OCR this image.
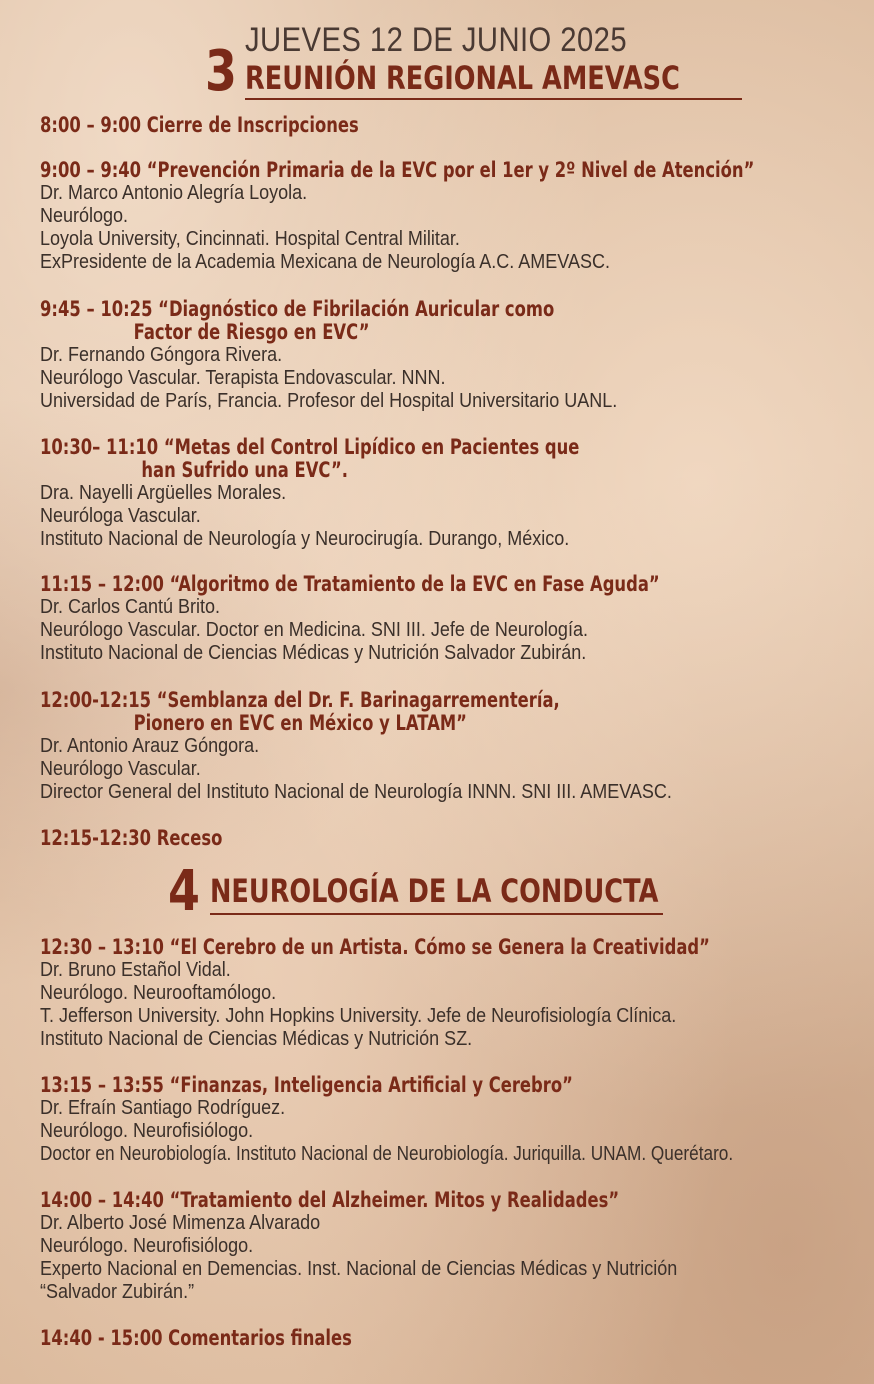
3 JUEVES 12 DE JUNIO 2025
REUNIÓN REGIONAL AMEVASC
4 NEUROLOGÍA DE LA CONDUCTA
8:00 – 9:00 Cierre de Inscripciones
9:00 – 9:40 “Prevención Primaria de la EVC por el 1er y 2º Nivel de Atención”
Dr. Marco Antonio Alegría Loyola.
Neurólogo.
Loyola University, Cincinnati. Hospital Central Militar.
ExPresidente de la Academia Mexicana de Neurología A.C. AMEVASC.
9:45 – 10:25 “Diagnóstico de Fibrilación Auricular como
Factor de Riesgo en EVC”
Dr. Fernando Góngora Rivera.
Neurólogo Vascular. Terapista Endovascular. NNN.
Universidad de París, Francia. Profesor del Hospital Universitario UANL.
10:30– 11:10 “Metas del Control Lipídico en Pacientes que
han Sufrido una EVC”.
Dra. Nayelli Argüelles Morales.
Neuróloga Vascular.
Instituto Nacional de Neurología y Neurocirugía. Durango, México.
11:15 – 12:00 “Algoritmo de Tratamiento de la EVC en Fase Aguda”
Dr. Carlos Cantú Brito.
Neurólogo Vascular. Doctor en Medicina. SNI III. Jefe de Neurología.
Instituto Nacional de Ciencias Médicas y Nutrición Salvador Zubirán.
12:00-12:15 “Semblanza del Dr. F. Barinagarrementería,
Pionero en EVC en México y LATAM”
Dr. Antonio Arauz Góngora.
Neurólogo Vascular.
Director General del Instituto Nacional de Neurología INNN. SNI III. AMEVASC.
12:15-12:30 Receso
12:30 – 13:10 “El Cerebro de un Artista. Cómo se Genera la Creatividad”
Dr. Bruno Estañol Vidal.
Neurólogo. Neurooftamólogo.
T. Jefferson University. John Hopkins University. Jefe de Neurofisiología Clínica.
Instituto Nacional de Ciencias Médicas y Nutrición SZ.
13:15 – 13:55 “Finanzas, Inteligencia Artificial y Cerebro”
Dr. Efraín Santiago Rodríguez.
Neurólogo. Neurofisiólogo.
Doctor en Neurobiología. Instituto Nacional de Neurobiología. Juriquilla. UNAM. Querétaro.
14:00 – 14:40 “Tratamiento del Alzheimer. Mitos y Realidades”
Dr. Alberto José Mimenza Alvarado
Neurólogo. Neurofisiólogo.
Experto Nacional en Demencias. Inst. Nacional de Ciencias Médicas y Nutrición
“Salvador Zubirán.”
14:40 - 15:00 Comentarios finales
